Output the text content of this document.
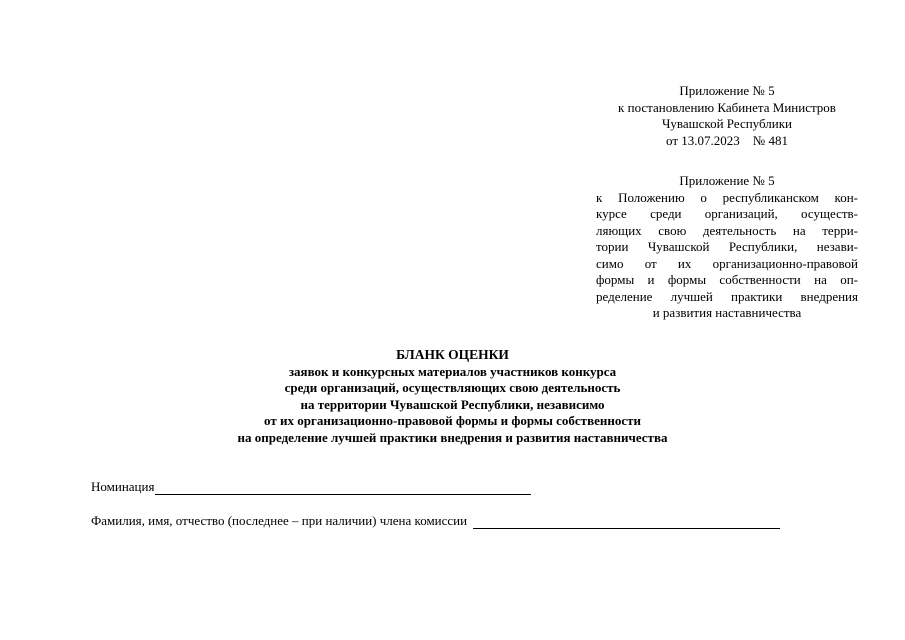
Приложение № 5
к постановлению Кабинета Министров
Чувашской Республики
от 13.07.2023    № 481
Приложение № 5
к Положению о республиканском кон-
курсе среди организаций, осуществ-
ляющих свою деятельность на терри-
тории Чувашской Республики, незави-
симо от их организационно-правовой
формы и формы собственности на оп-
ределение лучшей практики внедрения
и развития наставничества
БЛАНК ОЦЕНКИ
заявок и конкурсных материалов участников конкурса
среди организаций, осуществляющих свою деятельность
на территории Чувашской Республики, независимо
от их организационно-правовой формы и формы собственности
на определение лучшей практики внедрения и развития наставничества
Номинация
Фамилия, имя, отчество (последнее – при наличии) члена комиссии
